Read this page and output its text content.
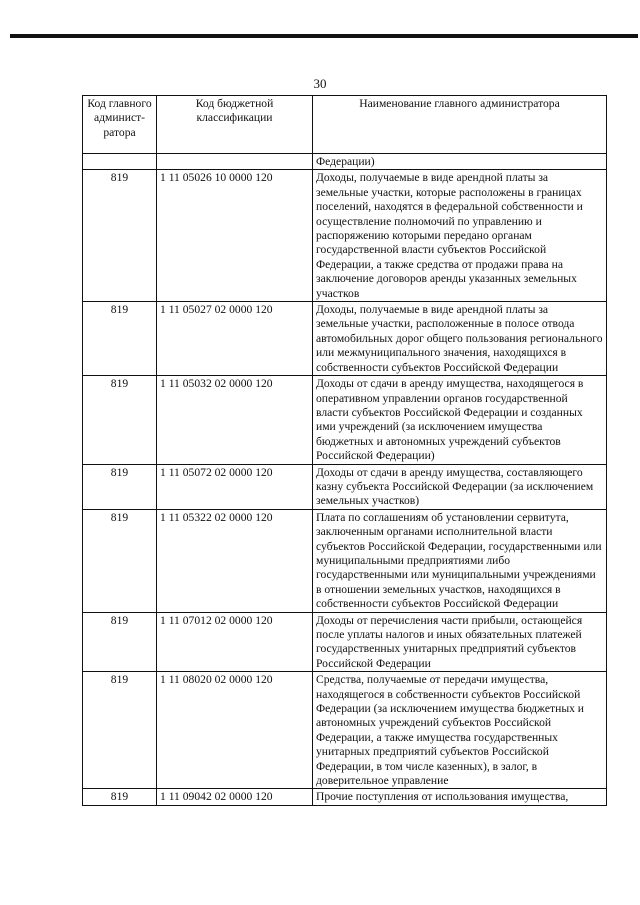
30
Код главного админист-ратора	Код бюджетной классификации	Наименование главного администратора
		Федерации)
819	1 11 05026 10 0000 120	Доходы, получаемые в виде арендной платы за земельные участки, которые расположены в границах поселений, находятся в федеральной собственности и осуществление полномочий по управлению и распоряжению которыми передано органам государственной власти субъектов Российской Федерации, а также средства от продажи права на заключение договоров аренды указанных земельных участков
819	1 11 05027 02 0000 120	Доходы, получаемые в виде арендной платы за земельные участки, расположенные в полосе отвода автомобильных дорог общего пользования регионального или межмуниципального значения, находящихся в собственности субъектов Российской Федерации
819	1 11 05032 02 0000 120	Доходы от сдачи в аренду имущества, находящегося в оперативном управлении органов государственной власти субъектов Российской Федерации и созданных ими учреждений (за исключением имущества бюджетных и автономных учреждений субъектов Российской Федерации)
819	1 11 05072 02 0000 120	Доходы от сдачи в аренду имущества, составляющего казну субъекта Российской Федерации (за исключением земельных участков)
819	1 11 05322 02 0000 120	Плата по соглашениям об установлении сервитута, заключенным органами исполнительной власти субъектов Российской Федерации, государственными или муниципальными предприятиями либо государственными или муниципальными учреждениями в отношении земельных участков, находящихся в собственности субъектов Российской Федерации
819	1 11 07012 02 0000 120	Доходы от перечисления части прибыли, остающейся после уплаты налогов и иных обязательных платежей государственных унитарных предприятий субъектов Российской Федерации
819	1 11 08020 02 0000 120	Средства, получаемые от передачи имущества, находящегося в собственности субъектов Российской Федерации (за исключением имущества бюджетных и автономных учреждений субъектов Российской Федерации, а также имущества государственных унитарных предприятий субъектов Российской Федерации, в том числе казенных), в залог, в доверительное управление
819	1 11 09042 02 0000 120	Прочие поступления от использования имущества,
